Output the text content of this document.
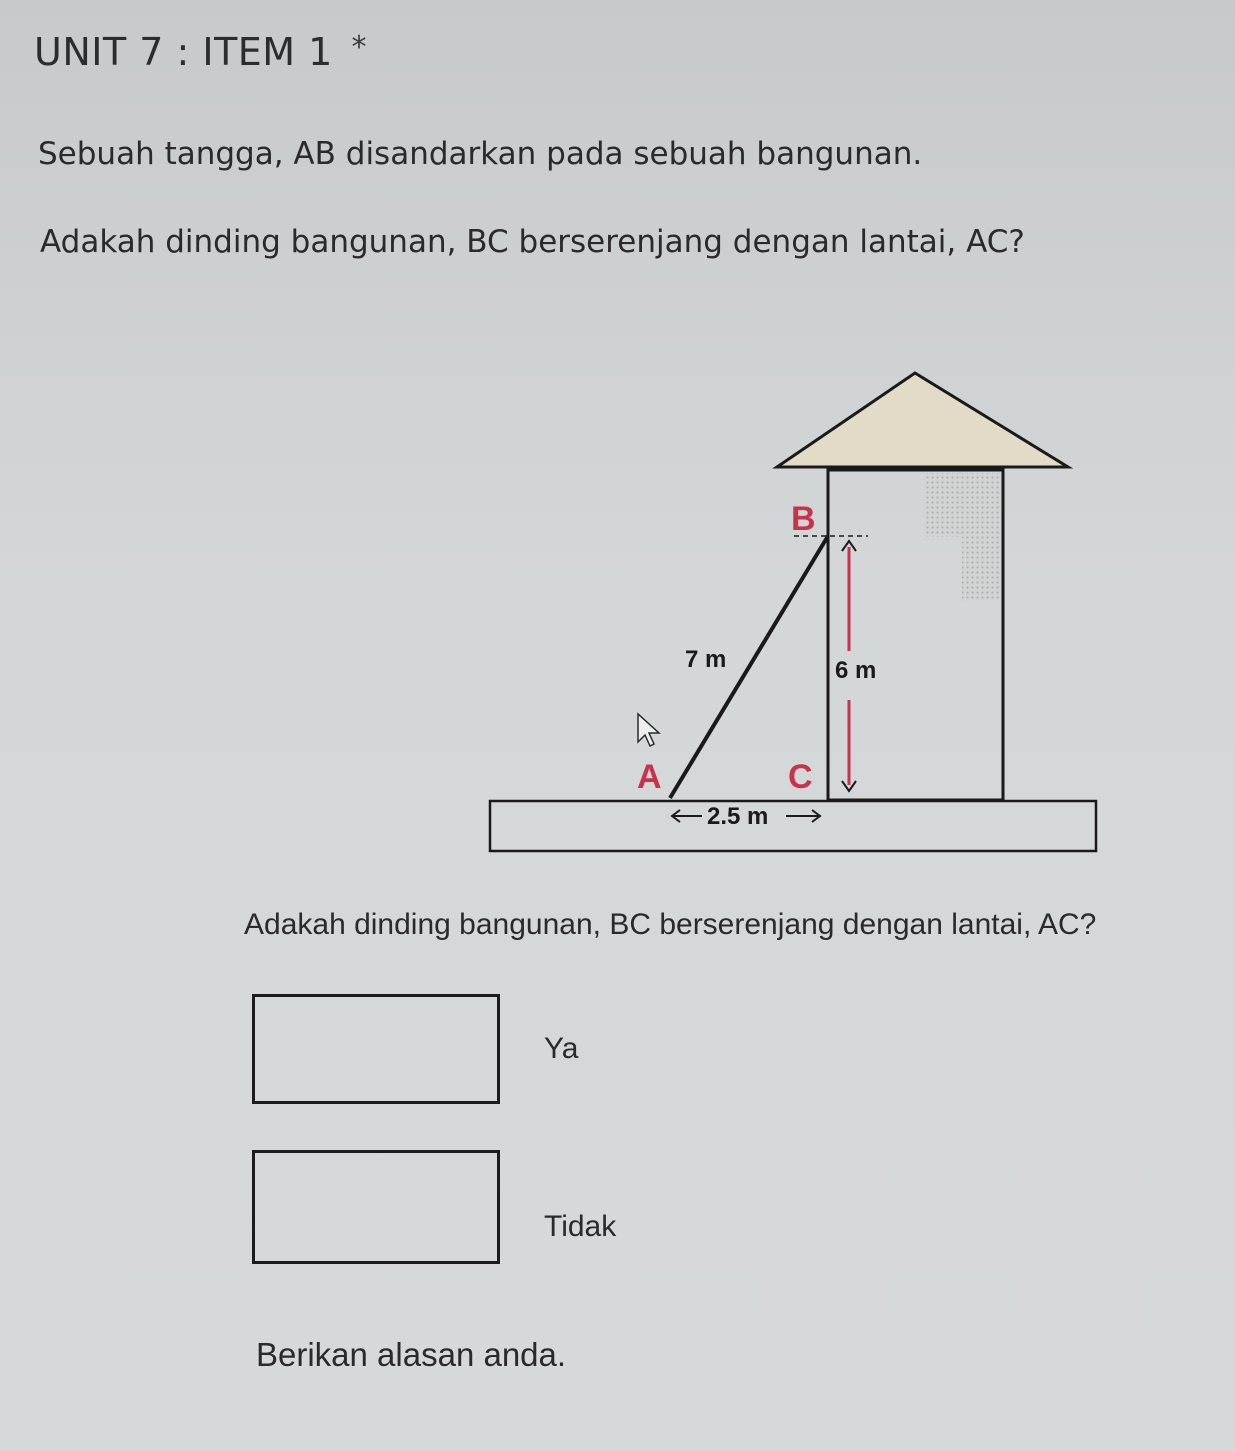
UNIT 7 : ITEM 1 *
Sebuah tangga, AB disandarkan pada sebuah bangunan.
Adakah dinding bangunan, BC berserenjang dengan lantai, AC?
B
A	C
7 m	6 m
2.5 m
Adakah dinding bangunan, BC berserenjang dengan lantai, AC?
Ya
Tidak
Berikan alasan anda.
